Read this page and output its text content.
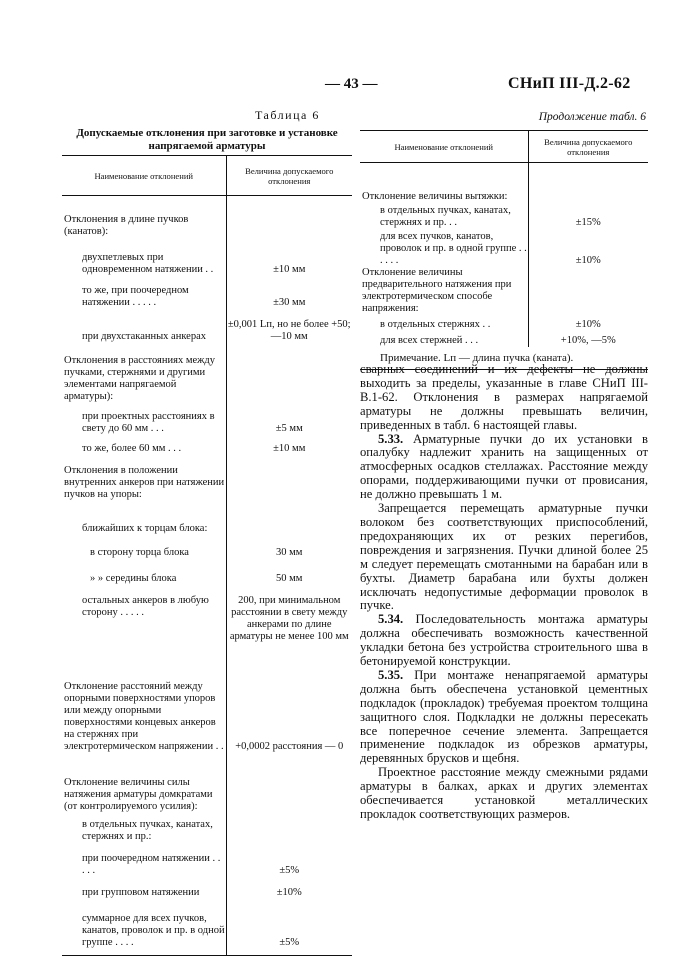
— 43 —	СНиП III-Д.2-62
Таблица 6
Допускаемые отклонения при заготовке и установке напрягаемой арматуры
Наименование отклонений	Величина допускаемого отклонения
Отклонения в длине пучков (канатов):	
двухпетлевых при одновременном натяжении . .	±10 мм
то же, при поочередном натяжении . . . . .	±30 мм
при двухстаканных анкерах	±0,001 Lп, но не более +50; —10 мм
Отклонения в расстояниях между пучками, стержнями и другими элементами напрягаемой арматуры):	
при проектных расстояниях в свету до 60 мм . . .	±5 мм
то же, более 60 мм . . .	±10 мм
Отклонения в положении внутренних анкеров при натяжении пучков на упоры:	
ближайших к торцам блока:	
в сторону торца блока	30 мм
» » середины блока	50 мм
остальных анкеров в любую сторону . . . . .	200, при минимальном расстоянии в свету между анкерами по длине арматуры не менее 100 мм
Отклонение расстояний между опорными поверхностями упоров или между опорными поверхностями концевых анкеров на стержнях при электротермическом напряжении . .	+0,0002 расстояния — 0
Отклонение величины силы натяжения арматуры домкратами (от контролируемого усилия):	
в отдельных пучках, канатах, стержнях и пр.:	
при поочередном натяжении . . . . .	±5%
при групповом натяжении	±10%
суммарное для всех пучков, канатов, проволок и пр. в одной группе . . . .	±5%
Продолжение табл. 6
Наименование отклонений	Величина допускаемого отклонения
Отклонение величины вытяжки:	
в отдельных пучках, канатах, стержнях и пр. . .	±15%
для всех пучков, канатов, проволок и пр. в одной группе . . . . . .	±10%
Отклонение величины предварительного натяжения при электротермическом способе напряжения:	
в отдельных стержнях . .	±10%
для всех стержней . . .	+10%, —5%
Примечание. Lп — длина пучка (каната).	

сварных соединений и их дефекты не должны выходить за пределы, указанные в главе СНиП III-В.1-62. Отклонения в размерах напрягаемой арматуры не должны превышать величин, приведенных в табл. 6 настоящей главы.

5.33. Арматурные пучки до их установки в опалубку надлежит хранить на защищенных от атмосферных осадков стеллажах. Расстояние между опорами, поддерживающими пучки от провисания, не должно превышать 1 м.

Запрещается перемещать арматурные пучки волоком без соответствующих приспособлений, предохраняющих их от резких перегибов, повреждения и загрязнения. Пучки длиной более 25 м следует перемещать смотанными на барабан или в бухты. Диаметр барабана или бухты должен исключать недопустимые деформации проволок в пучке.

5.34. Последовательность монтажа арматуры должна обеспечивать возможность качественной укладки бетона без устройства строительного шва в бетонируемой конструкции.

5.35. При монтаже ненапрягаемой арматуры должна быть обеспечена установкой цементных подкладок (прокладок) требуемая проектом толщина защитного слоя. Подкладки не должны пересекать все поперечное сечение элемента. Запрещается применение подкладок из обрезков арматуры, деревянных брусков и щебня.

Проектное расстояние между смежными рядами арматуры в балках, арках и других элементах обеспечивается установкой металлических прокладок соответствующих размеров.
